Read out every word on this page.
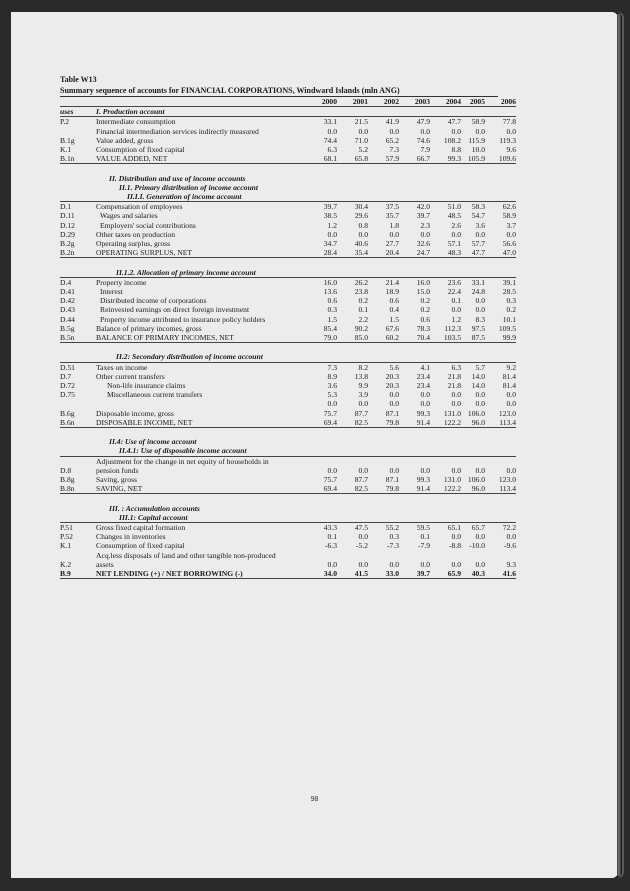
Table W13
Summary sequence of accounts for FINANCIAL CORPORATIONS, Windward Islands (mln ANG)
		2000	2001	2002	2003	2004	2005	2006
uses	I. Production account							
P.2	Intermediate consumption	33.1	21.5	41.9	47.9	47.7	58.9	77.8
	Financial intermediation services indirectly measured	0.0	0.0	0.0	0.0	0.0	0.0	0.0
B.1g	Value added, gross	74.4	71.0	65.2	74.6	108.2	115.9	119.3
K.1	Consumption of fixed capital	6.3	5.2	7.3	7.9	8.8	10.0	9.6
B.1n	VALUE ADDED, NET	68.1	65.8	57.9	66.7	99.3	105.9	109.6

	II. Distribution and use of income accounts							
	II.1. Primary distribution of income account							
	II.I.I. Generation of income account							
D.1	Compensation of employees	39.7	30.4	37.5	42.0	51.0	58.3	62.6
D.11	Wages and salaries	38.5	29.6	35.7	39.7	48.5	54.7	58.9
D.12	Employers' social contributions	1.2	0.8	1.8	2.3	2.6	3.6	3.7
D.29	Other taxes on production	0.0	0.0	0.0	0.0	0.0	0.0	0.0
B.2g	Operating surplus, gross	34.7	40.6	27.7	32.6	57.1	57.7	56.6
B.2n	OPERATING SURPLUS, NET	28.4	35.4	20.4	24.7	48.3	47.7	47.0

	II.1.2. Allocation of primary income account							
D.4	Property income	16.0	26.2	21.4	16.0	23.6	33.1	39.1
D.41	Interest	13.6	23.8	18.9	15.0	22.4	24.8	28.5
D.42	Distributed income of corporations	0.6	0.2	0.6	0.2	0.1	0.0	0.3
D.43	Reinvested earnings on direct foreign investment	0.3	0.1	0.4	0.2	0.0	0.0	0.2
D.44	Property income attributed to insurance policy holders	1.5	2.2	1.5	0.6	1.2	8.3	10.1
B.5g	Balance of primary incomes, gross	85.4	90.2	67.6	78.3	112.3	97.5	109.5
B.5n	BALANCE OF PRIMARY INCOMES, NET	79.0	85.0	60.2	70.4	103.5	87.5	99.9

	II.2: Secondary distribution of income account							
D.51	Taxes on income	7.3	8.2	5.6	4.1	6.3	5.7	9.2
D.7	Other current transfers	8.9	13.8	20.3	23.4	21.8	14.0	81.4
D.72	Non-life insurance claims	3.6	9.9	20.3	23.4	21.8	14.0	81.4
D.75	Miscellaneous current transfers	5.3	3.9	0.0	0.0	0.0	0.0	0.0
		0.0	0.0	0.0	0.0	0.0	0.0	0.0
B.6g	Disposable income, gross	75.7	87.7	87.1	99.3	131.0	106.0	123.0
B.6n	DISPOSABLE INCOME, NET	69.4	82.5	79.8	91.4	122.2	96.0	113.4

	II.4: Use of income account							
	II.4.1: Use of disposable income account							
	Adjustment for the change in net equity of households in							
D.8	pension funds	0.0	0.0	0.0	0.0	0.0	0.0	0.0
B.8g	Saving, gross	75.7	87.7	87.1	99.3	131.0	106.0	123.0
B.8n	SAVING, NET	69.4	82.5	79.8	91.4	122.2	96.0	113.4

	III. : Accumulation accounts							
	III.1: Capital account							
P.51	Gross fixed capital formation	43.3	47.5	55.2	59.5	65.1	65.7	72.2
P.52	Changes in inventories	0.1	0.0	0.3	0.1	0.0	0.0	0.0
K.1	Consumption of fixed capital	-6.3	-5.2	-7.3	-7.9	-8.8	-10.0	-9.6
	Acq.less disposals of land and other tangible non-produced							
K.2	assets	0.0	0.0	0.0	0.0	0.0	0.0	9.3
B.9	NET LENDING (+) / NET BORROWING (-)	34.0	41.5	33.0	39.7	65.9	40.3	41.6
98
